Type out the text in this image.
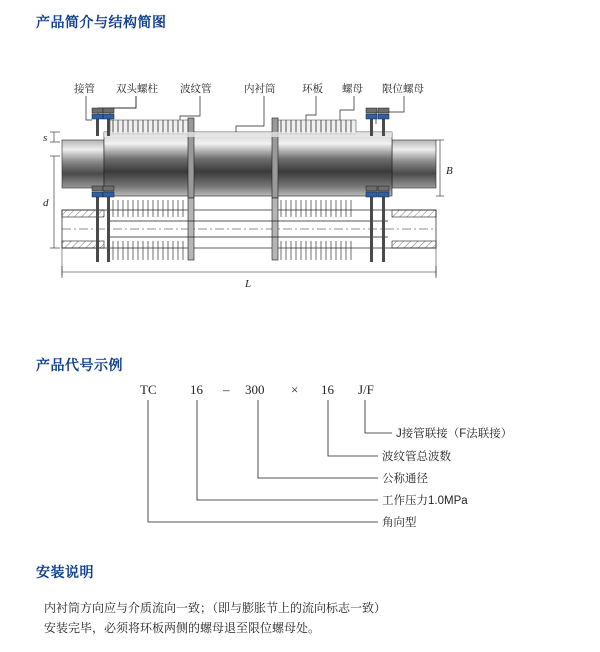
产品简介与结构简图
接管 双头螺柱 波纹管	内衬筒	环板 螺母 限位螺母
s
d
B
L
产品代号示例
TC	16 – 300 × 16 J/F
J接管联接（F法联接）
波纹管总波数
公称通径
工作压力1.0MPa
角向型
安装说明
内衬筒方向应与介质流向一致；（即与膨胀节上的流向标志一致）
安装完毕，必须将环板两侧的螺母退至限位螺母处。
